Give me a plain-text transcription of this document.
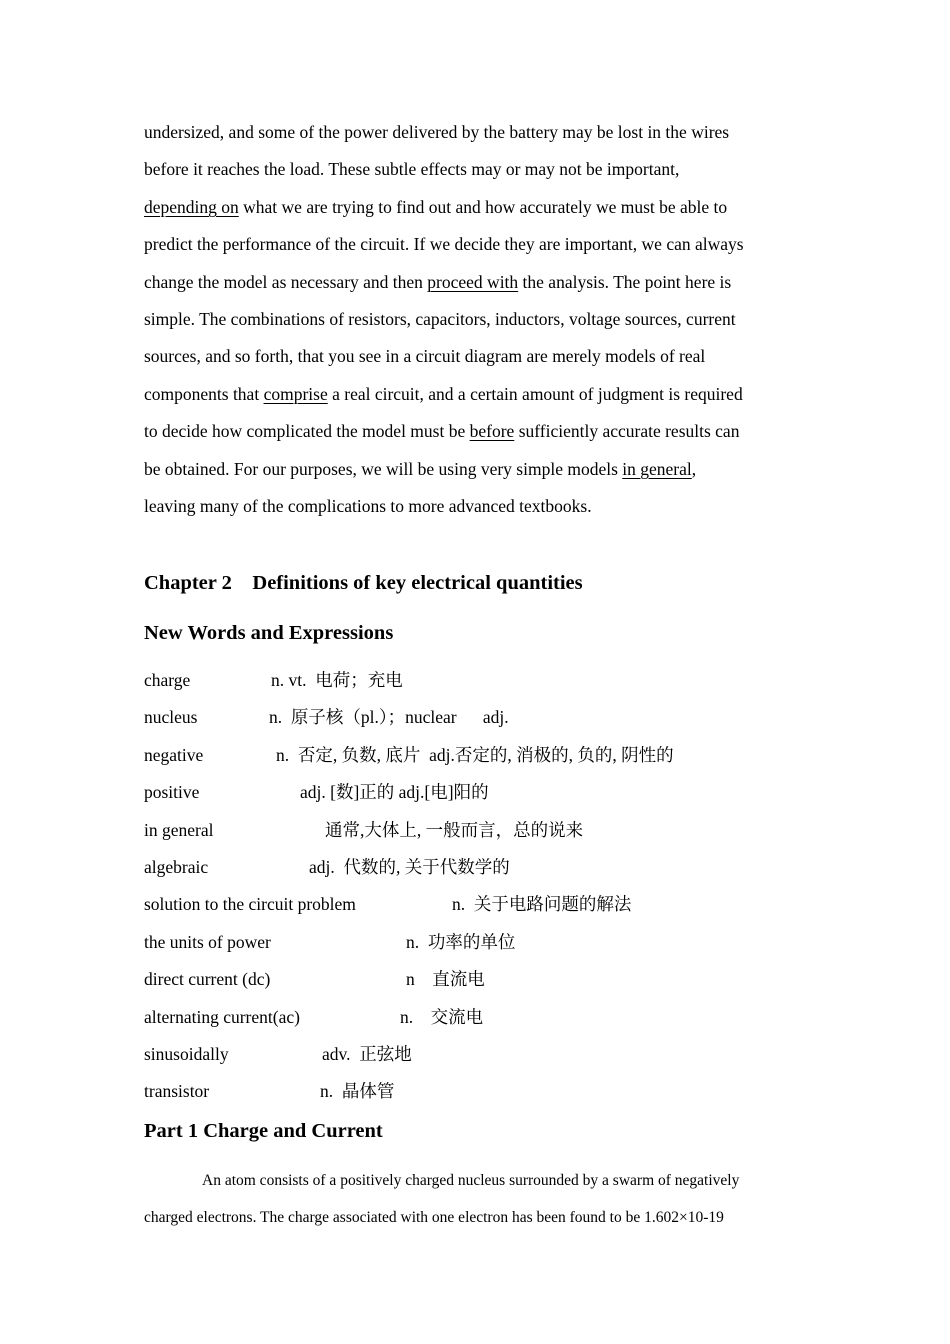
undersized, and some of the power delivered by the battery may be lost in the wires
before it reaches the load. These subtle effects may or may not be important,
depending on what we are trying to find out and how accurately we must be able to
predict the performance of the circuit. If we decide they are important, we can always
change the model as necessary and then proceed with the analysis. The point here is
simple. The combinations of resistors, capacitors, inductors, voltage sources, current
sources, and so forth, that you see in a circuit diagram are merely models of real
components that comprise a real circuit, and a certain amount of judgment is required
to decide how complicated the model must be before sufficiently accurate results can
be obtained. For our purposes, we will be using very simple models in general,
leaving many of the complications to more advanced textbooks.
Chapter 2    Definitions of key electrical quantities
New Words and Expressions
charge	n. vt.  电荷；充电
nucleus	n.  原子核（pl.）；nuclear      adj.
negative	n.  否定, 负数, 底片  adj.否定的, 消极的, 负的, 阴性的
positive	adj. [数]正的 adj.[电]阳的
in general	通常,大体上, 一般而言，总的说来
algebraic	adj.  代数的, 关于代数学的
solution to the circuit problem	n.  关于电路问题的解法
the units of power	n.  功率的单位
direct current (dc)	n    直流电
alternating current(ac)	n.    交流电
sinusoidally	adv.  正弦地
transistor	n.  晶体管
Part 1 Charge and Current
An atom consists of a positively charged nucleus surrounded by a swarm of negatively
charged electrons. The charge associated with one electron has been found to be 1.602×10-19
